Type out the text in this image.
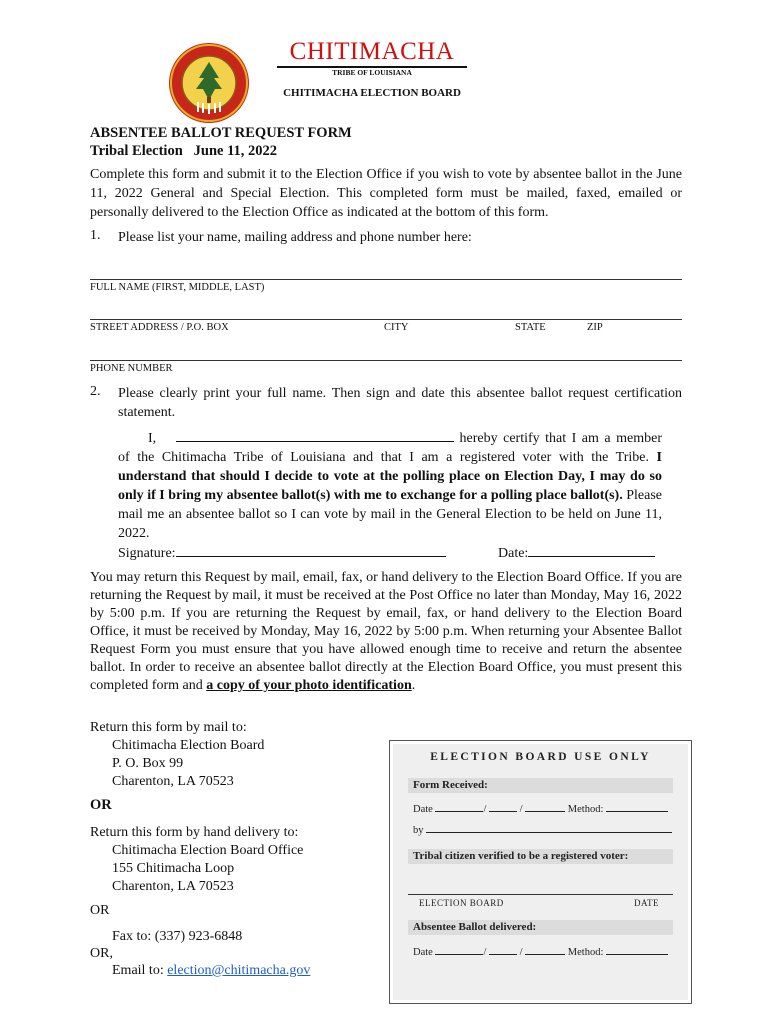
CHITIMACHA
TRIBE OF LOUISIANA
CHITIMACHA ELECTION BOARD
ABSENTEE BALLOT REQUEST FORM
Tribal Election   June 11, 2022
Complete this form and submit it to the Election Office if you wish to vote by absentee ballot in the June 11, 2022 General and Special Election. This completed form must be mailed, faxed, emailed or personally delivered to the Election Office as indicated at the bottom of this form.
1. Please list your name, mailing address and phone number here:
FULL NAME (FIRST, MIDDLE, LAST)
STREET ADDRESS / P.O. BOX	CITY	STATE	ZIP
PHONE NUMBER
2. Please clearly print your full name. Then sign and date this absentee ballot request certification statement.
I,	hereby certify that I am a member of the Chitimacha Tribe of Louisiana and that I am a registered voter with the Tribe. I understand that should I decide to vote at the polling place on Election Day, I may do so only if I bring my absentee ballot(s) with me to exchange for a polling place ballot(s). Please mail me an absentee ballot so I can vote by mail in the General Election to be held on June 11, 2022.
Signature:	Date:
You may return this Request by mail, email, fax, or hand delivery to the Election Board Office. If you are returning the Request by mail, it must be received at the Post Office no later than Monday, May 16, 2022 by 5:00 p.m. If you are returning the Request by email, fax, or hand delivery to the Election Board Office, it must be received by Monday, May 16, 2022 by 5:00 p.m. When returning your Absentee Ballot Request Form you must ensure that you have allowed enough time to receive and return the absentee ballot. In order to receive an absentee ballot directly at the Election Board Office, you must present this completed form and a copy of your photo identification.
Return this form by mail to:
Chitimacha Election Board
P. O. Box 99
Charenton, LA 70523
OR
Return this form by hand delivery to:
Chitimacha Election Board Office
155 Chitimacha Loop
Charenton, LA 70523
OR
Fax to: (337) 923-6848
OR,
Email to: election@chitimacha.gov
ELECTION BOARD USE ONLY
Form Received:
Date	/	/	Method:
by
Tribal citizen verified to be a registered voter:
ELECTION BOARD	DATE
Absentee Ballot delivered:
Date	/	/	Method:
